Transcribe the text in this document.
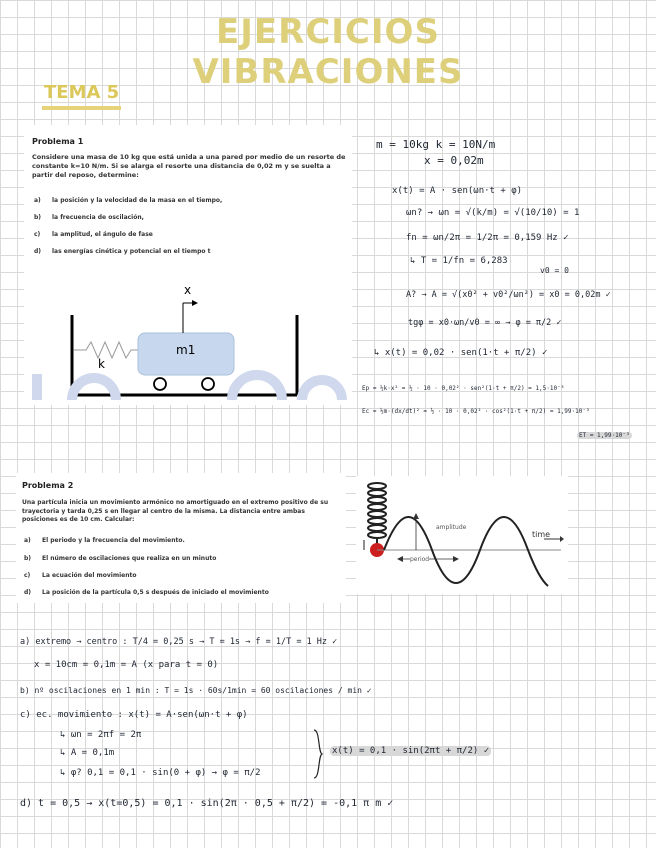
EJERCICIOS VIBRACIONES
TEMA 5
Problema 1
Considere una masa de 10 kg que está unida a una pared por medio de un resorte de constante k=10 N/m. Si se alarga el resorte una distancia de 0,02 m y se suelta a partir del reposo, determine:
a) la posición y la velocidad de la masa en el tiempo,
b) la frecuencia de oscilación,
c) la amplitud, el ángulo de fase
d) las energías cinética y potencial en el tiempo t
x
m1
k
m = 10kg k = 10N/m
x = 0,02m
x(t) = A · sen(ωn·t + φ)
ωn? → ωn = √(k/m) = √(10/10) = 1
fn = ωn/2π = 1/2π = 0,159 Hz ✓
↳ T = 1/fn = 6,283
v0 = 0
A? → A = √(x0² + v0²/ωn²) = x0 = 0,02m ✓
tgφ = x0·ωn/v0 = ∞ → φ = π/2 ✓
↳ x(t) = 0,02 · sen(1·t + π/2) ✓
Ep = ½k·x² = ½ · 10 · 0,02² · sen²(1·t + π/2) = 1,5·10⁻³
Ec = ½m·(dx/dt)² = ½ · 10 · 0,02² · cos²(1·t + π/2) = 1,99·10⁻³
ET = 1,99·10⁻³
Problema 2
Una partícula inicia un movimiento armónico no amortiguado en el extremo positivo de su trayectoria y tarda 0,25 s en llegar al centro de la misma. La distancia entre ambas posiciones es de 10 cm. Calcular:
a) El periodo y la frecuencia del movimiento.
b) El número de oscilaciones que realiza en un minuto
c) La ecuación del movimiento
d) La posición de la partícula 0,5 s después de iniciado el movimiento
amplitude
period
time
a) extremo → centro : T/4 = 0,25 s → T = 1s → f = 1/T = 1 Hz ✓
x = 10cm = 0,1m = A (x para t = 0)
b) nº oscilaciones en 1 min : T = 1s · 60s/1min = 60 oscilaciones / min ✓
c) ec. movimiento : x(t) = A·sen(ωn·t + φ)
↳ ωn = 2πf = 2π
↳ A = 0,1m
↳ φ? 0,1 = 0,1 · sin(0 + φ) → φ = π/2
x(t) = 0,1 · sin(2πt + π/2) ✓
d) t = 0,5 → x(t=0,5) = 0,1 · sin(2π · 0,5 + π/2) = -0,1 π m ✓
